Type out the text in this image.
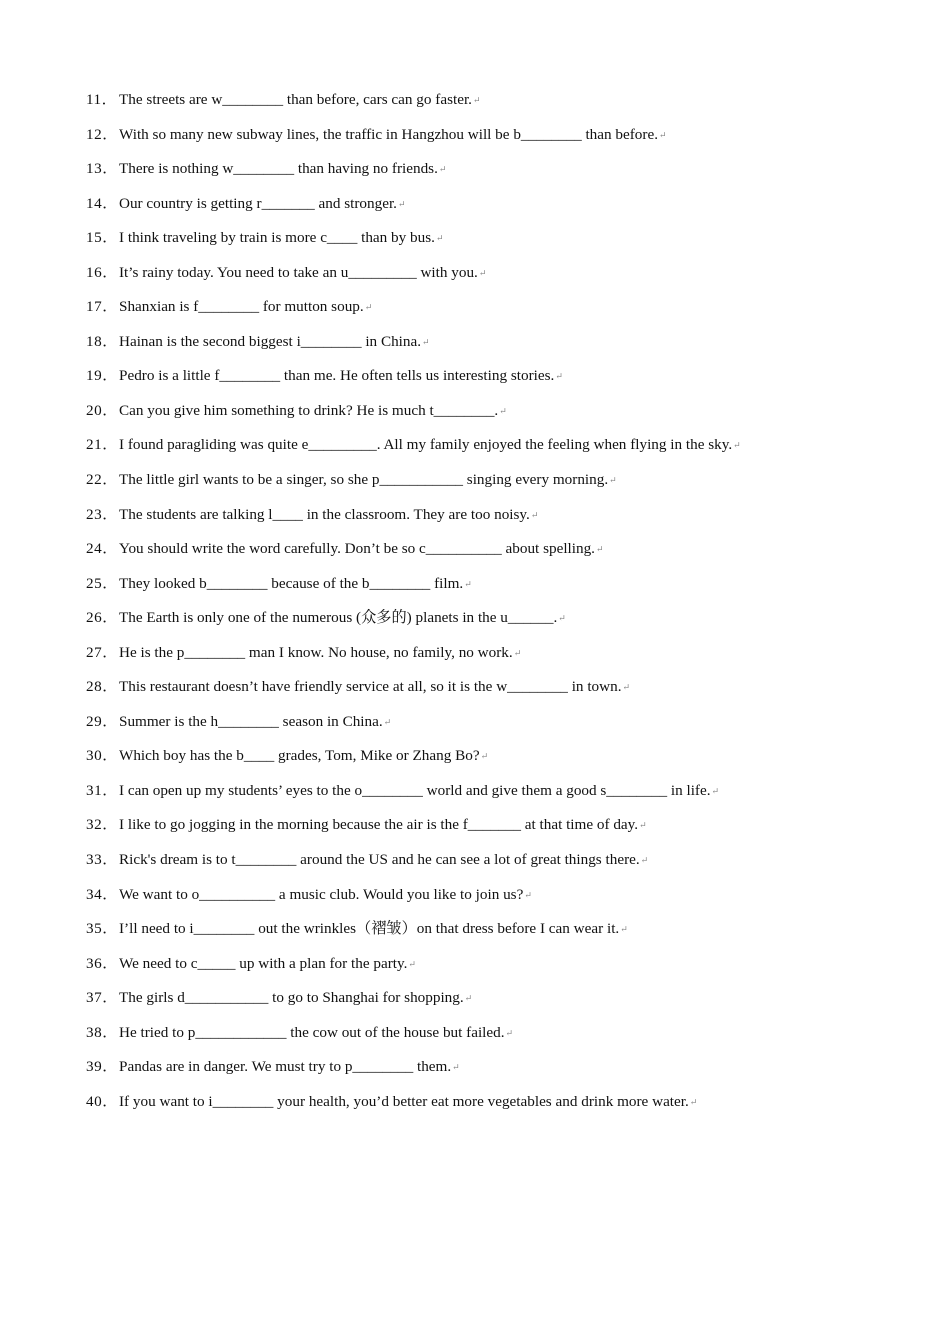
11． The streets are w________ than before, cars can go faster. ↵
12． With so many new subway lines, the traffic in Hangzhou will be b________ than before. ↵
13． There is nothing w________ than having no friends. ↵
14． Our country is getting r_______ and stronger. ↵
15． I think traveling by train is more c____ than by bus. ↵
16． It’s rainy today. You need to take an u_________ with you. ↵
17． Shanxian is f________ for mutton soup. ↵
18． Hainan is the second biggest i________ in China. ↵
19． Pedro is a little f________ than me. He often tells us interesting stories. ↵
20． Can you give him something to drink? He is much t________. ↵
21． I found paragliding was quite e_________. All my family enjoyed the feeling when flying in the sky. ↵
22． The little girl wants to be a singer, so she p___________ singing every morning. ↵
23． The students are talking l____ in the classroom. They are too noisy. ↵
24． You should write the word carefully. Don’t be so c__________ about spelling. ↵
25． They looked b________ because of the b________ film. ↵
26． The Earth is only one of the numerous (众多的) planets in the u______. ↵
27． He is the p________ man I know. No house, no family, no work. ↵
28． This restaurant doesn’t have friendly service at all, so it is the w________ in town. ↵
29． Summer is the h________ season in China. ↵
30． Which boy has the b____ grades, Tom, Mike or Zhang Bo? ↵
31． I can open up my students’ eyes to the o________ world and give them a good s________ in life. ↵
32． I like to go jogging in the morning because the air is the f_______ at that time of day. ↵
33． Rick's dream is to t________ around the US and he can see a lot of great things there. ↵
34． We want to o__________ a music club. Would you like to join us? ↵
35． I’ll need to i________ out the wrinkles（褶皱）on that dress before I can wear it. ↵
36． We need to c_____ up with a plan for the party. ↵
37． The girls d___________ to go to Shanghai for shopping. ↵
38． He tried to p____________ the cow out of the house but failed. ↵
39． Pandas are in danger. We must try to p________ them. ↵
40． If you want to i________ your health, you’d better eat more vegetables and drink more water. ↵
